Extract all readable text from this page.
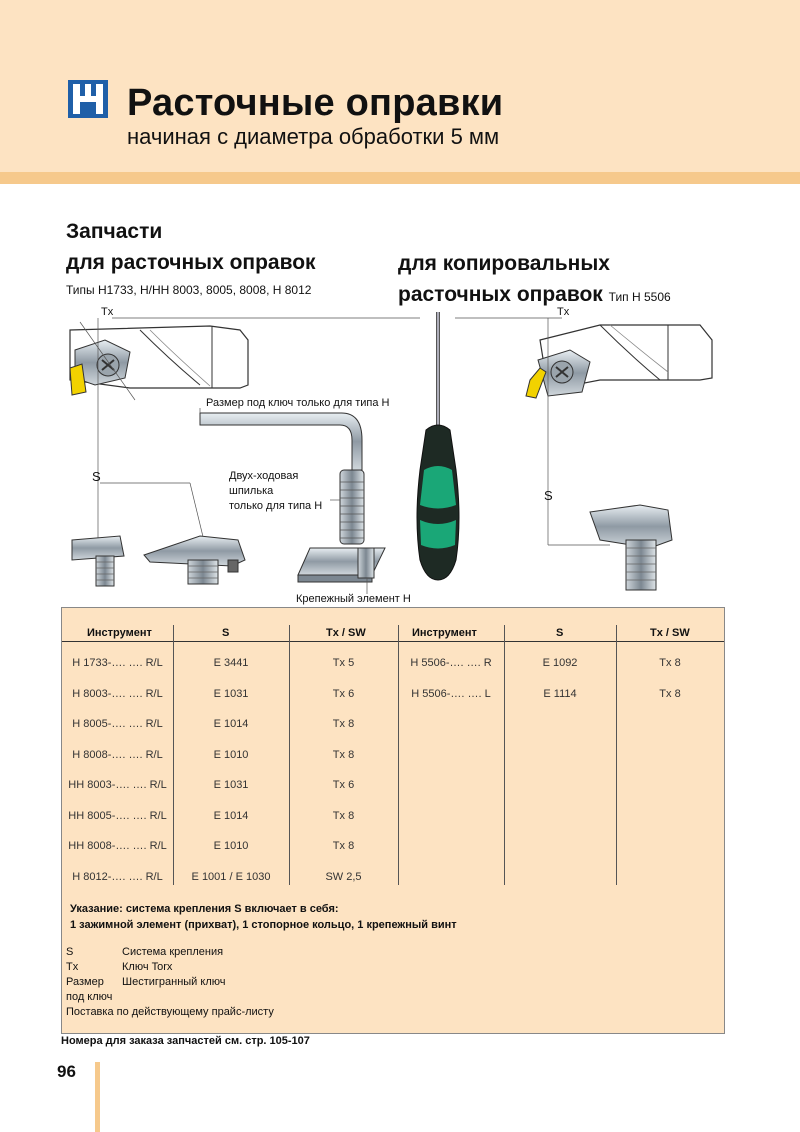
Расточные оправки
начиная с диаметра обработки 5 мм
Запчасти
для расточных оправок
Типы H1733, H/HH 8003, 8005, 8008, H 8012
для копировальных
расточных оправок Тип H 5506
Tx	Tx
S
S
Размер под ключ только для типа H
Двух-ходовая
шпилька
только для типа H
Крепежный элемент H
Инструмент	S	Tx / SW	Инструмент	S	Tx / SW
H 1733-…. …. R/L	E 3441	Tx 5
H 8003-…. …. R/L	E 1031	Tx 6
H 8005-…. …. R/L	E 1014	Tx 8
H 8008-…. …. R/L	E 1010	Tx 8
HH 8003-…. …. R/L	E 1031	Tx 6
HH 8005-…. …. R/L	E 1014	Tx 8
HH 8008-…. …. R/L	E 1010	Tx 8
H 8012-…. …. R/L	E 1001 / E 1030	SW 2,5
H 5506-…. …. R	E 1092	Tx 8
H 5506-…. …. L	E 1114	Tx 8
Указание: система крепления S включает в себя:
1 зажимной элемент (прихват), 1 стопорное кольцо, 1 крепежный винт
S	Система крепления
Tx	Ключ Torx
Размер Шестигранный ключ
под ключ
Поставка по действующему прайс-листу
Номера для заказа запчастей см. стр. 105-107
96
